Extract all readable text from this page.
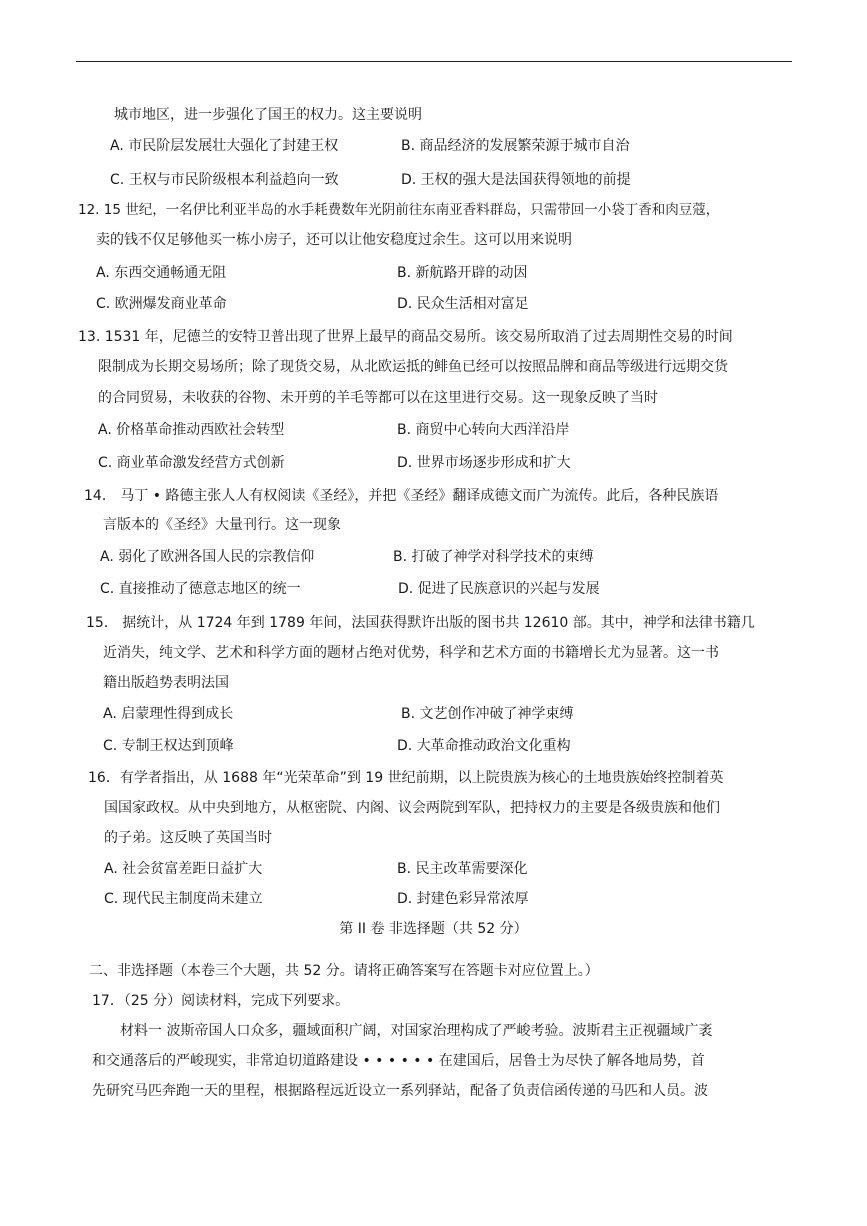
城市地区，进一步强化了国王的权力。这主要说明
A. 市民阶层发展壮大强化了封建王权	B. 商品经济的发展繁荣源于城市自治
C. 王权与市民阶级根本利益趋向一致	D. 王权的强大是法国获得领地的前提
12. 15 世纪，一名伊比利亚半岛的水手耗费数年光阴前往东南亚香料群岛，只需带回一小袋丁香和肉豆蔻，
卖的钱不仅足够他买一栋小房子，还可以让他安稳度过余生。这可以用来说明
A. 东西交通畅通无阻	B. 新航路开辟的动因
C. 欧洲爆发商业革命	D. 民众生活相对富足
13. 1531 年，尼德兰的安特卫普出现了世界上最早的商品交易所。该交易所取消了过去周期性交易的时间
限制成为长期交易场所；除了现货交易，从北欧运抵的鲱鱼已经可以按照品牌和商品等级进行远期交货
的合同贸易，未收获的谷物、未开剪的羊毛等都可以在这里进行交易。这一现象反映了当时
A. 价格革命推动西欧社会转型	B. 商贸中心转向大西洋沿岸
C. 商业革命激发经营方式创新	D. 世界市场逐步形成和扩大
14． 马丁 • 路德主张人人有权阅读《圣经》，并把《圣经》翻译成德文而广为流传。此后，各种民族语
言版本的《圣经》大量刊行。这一现象
A. 弱化了欧洲各国人民的宗教信仰	B. 打破了神学对科学技术的束缚
C. 直接推动了德意志地区的统一	D. 促进了民族意识的兴起与发展
15． 据统计，从 1724 年到 1789 年间，法国获得默许出版的图书共 12610 部。其中，神学和法律书籍几
近消失，纯文学、艺术和科学方面的题材占绝对优势，科学和艺术方面的书籍增长尤为显著。这一书
籍出版趋势表明法国
A. 启蒙理性得到成长	B. 文艺创作冲破了神学束缚
C. 专制王权达到顶峰	D. 大革命推动政治文化重构
16．有学者指出，从 1688 年“光荣革命”到 19 世纪前期，以上院贵族为核心的土地贵族始终控制着英
国国家政权。从中央到地方，从枢密院、内阁、议会两院到军队，把持权力的主要是各级贵族和他们
的子弟。这反映了英国当时
A. 社会贫富差距日益扩大	B. 民主改革需要深化
C. 现代民主制度尚未建立	D. 封建色彩异常浓厚
第 II 卷 非选择题（共 52 分）
二、非选择题（本卷三个大题，共 52 分。请将正确答案写在答题卡对应位置上。）
17．（25 分）阅读材料，完成下列要求。
材料一 波斯帝国人口众多，疆域面积广阔，对国家治理构成了严峻考验。波斯君主正视疆域广袤
和交通落后的严峻现实，非常迫切道路建设 • • • • • • 在建国后，居鲁士为尽快了解各地局势，首
先研究马匹奔跑一天的里程，根据路程远近设立一系列驿站，配备了负责信函传递的马匹和人员。波
